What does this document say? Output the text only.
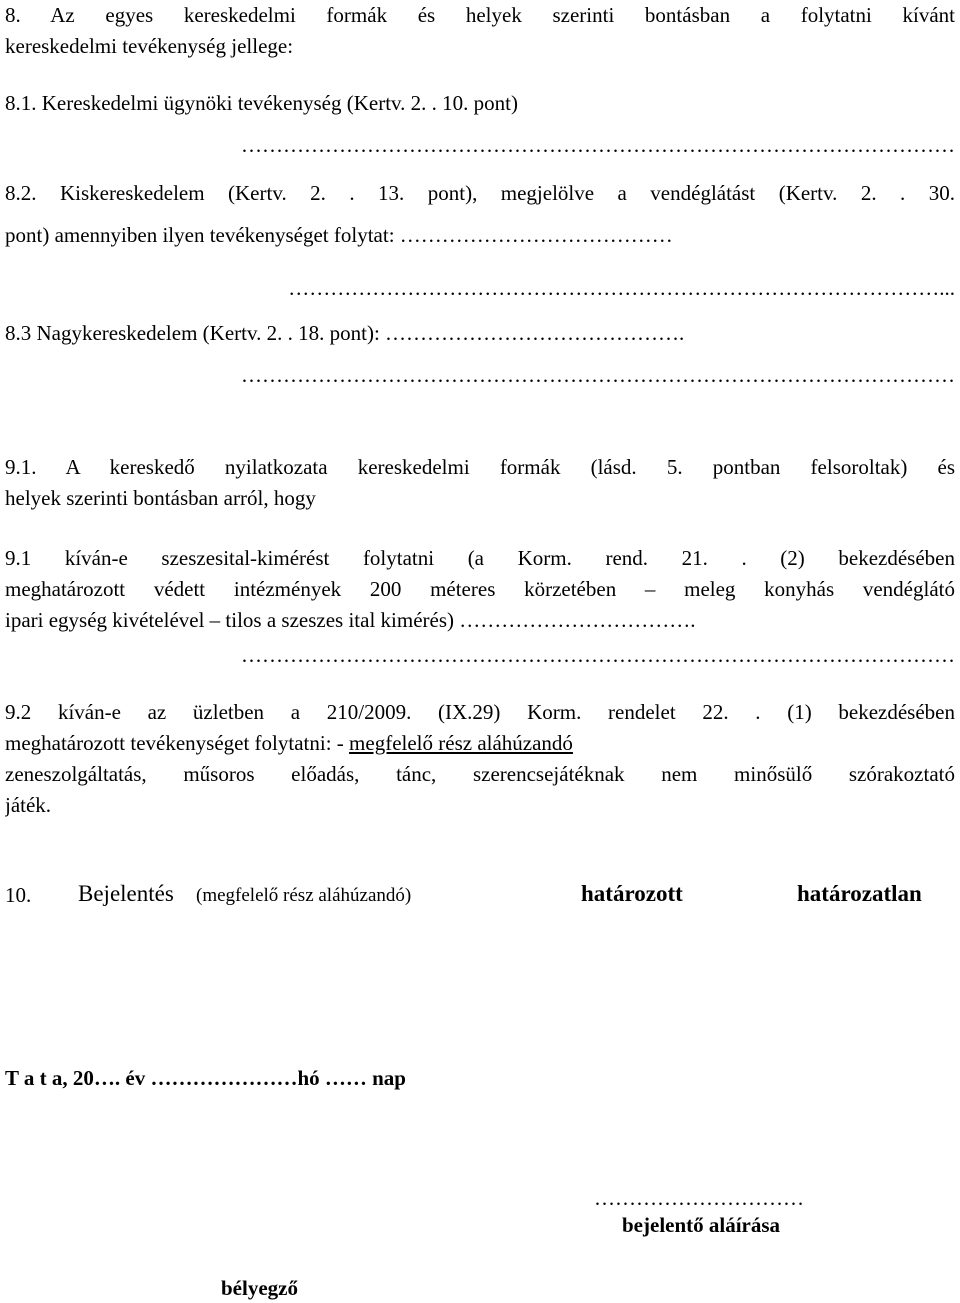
8. Az egyes kereskedelmi formák és helyek szerinti bontásban a folytatni kívánt
kereskedelmi tevékenység jellege:
8.1. Kereskedelmi ügynöki tevékenység (Kertv. 2. . 10. pont)
…………………………………………………………………………………………
8.2. Kiskereskedelem (Kertv. 2. . 13. pont), megjelölve a vendéglátást (Kertv. 2. . 30.
pont) amennyiben ilyen tevékenységet folytat: …………………………………
…………………………………………………………………………………...
8.3 Nagykereskedelem (Kertv. 2. . 18. pont): …………………………………….
…………………………………………………………………………………………
9.1. A kereskedő nyilatkozata kereskedelmi formák (lásd. 5. pontban felsoroltak) és
helyek szerinti bontásban arról, hogy
9.1 kíván-e szeszesital-kimérést folytatni (a Korm. rend. 21. . (2) bekezdésében
meghatározott védett intézmények 200 méteres körzetében – meleg konyhás vendéglátó
ipari egység kivételével – tilos a szeszes ital kimérés) …………………………….
…………………………………………………………………………………………
9.2 kíván-e az üzletben a 210/2009. (IX.29) Korm. rendelet 22. . (1) bekezdésében
meghatározott tevékenységet folytatni: - megfelelő rész aláhúzandó
zeneszolgáltatás, műsoros előadás, tánc, szerencsejátéknak nem minősülő szórakoztató
játék.
10. Bejelentés (megfelelő rész aláhúzandó)	határozott	határozatlan
T a t a, 20…. év …………………hó …… nap
…………………………
bejelentő aláírása
bélyegző
